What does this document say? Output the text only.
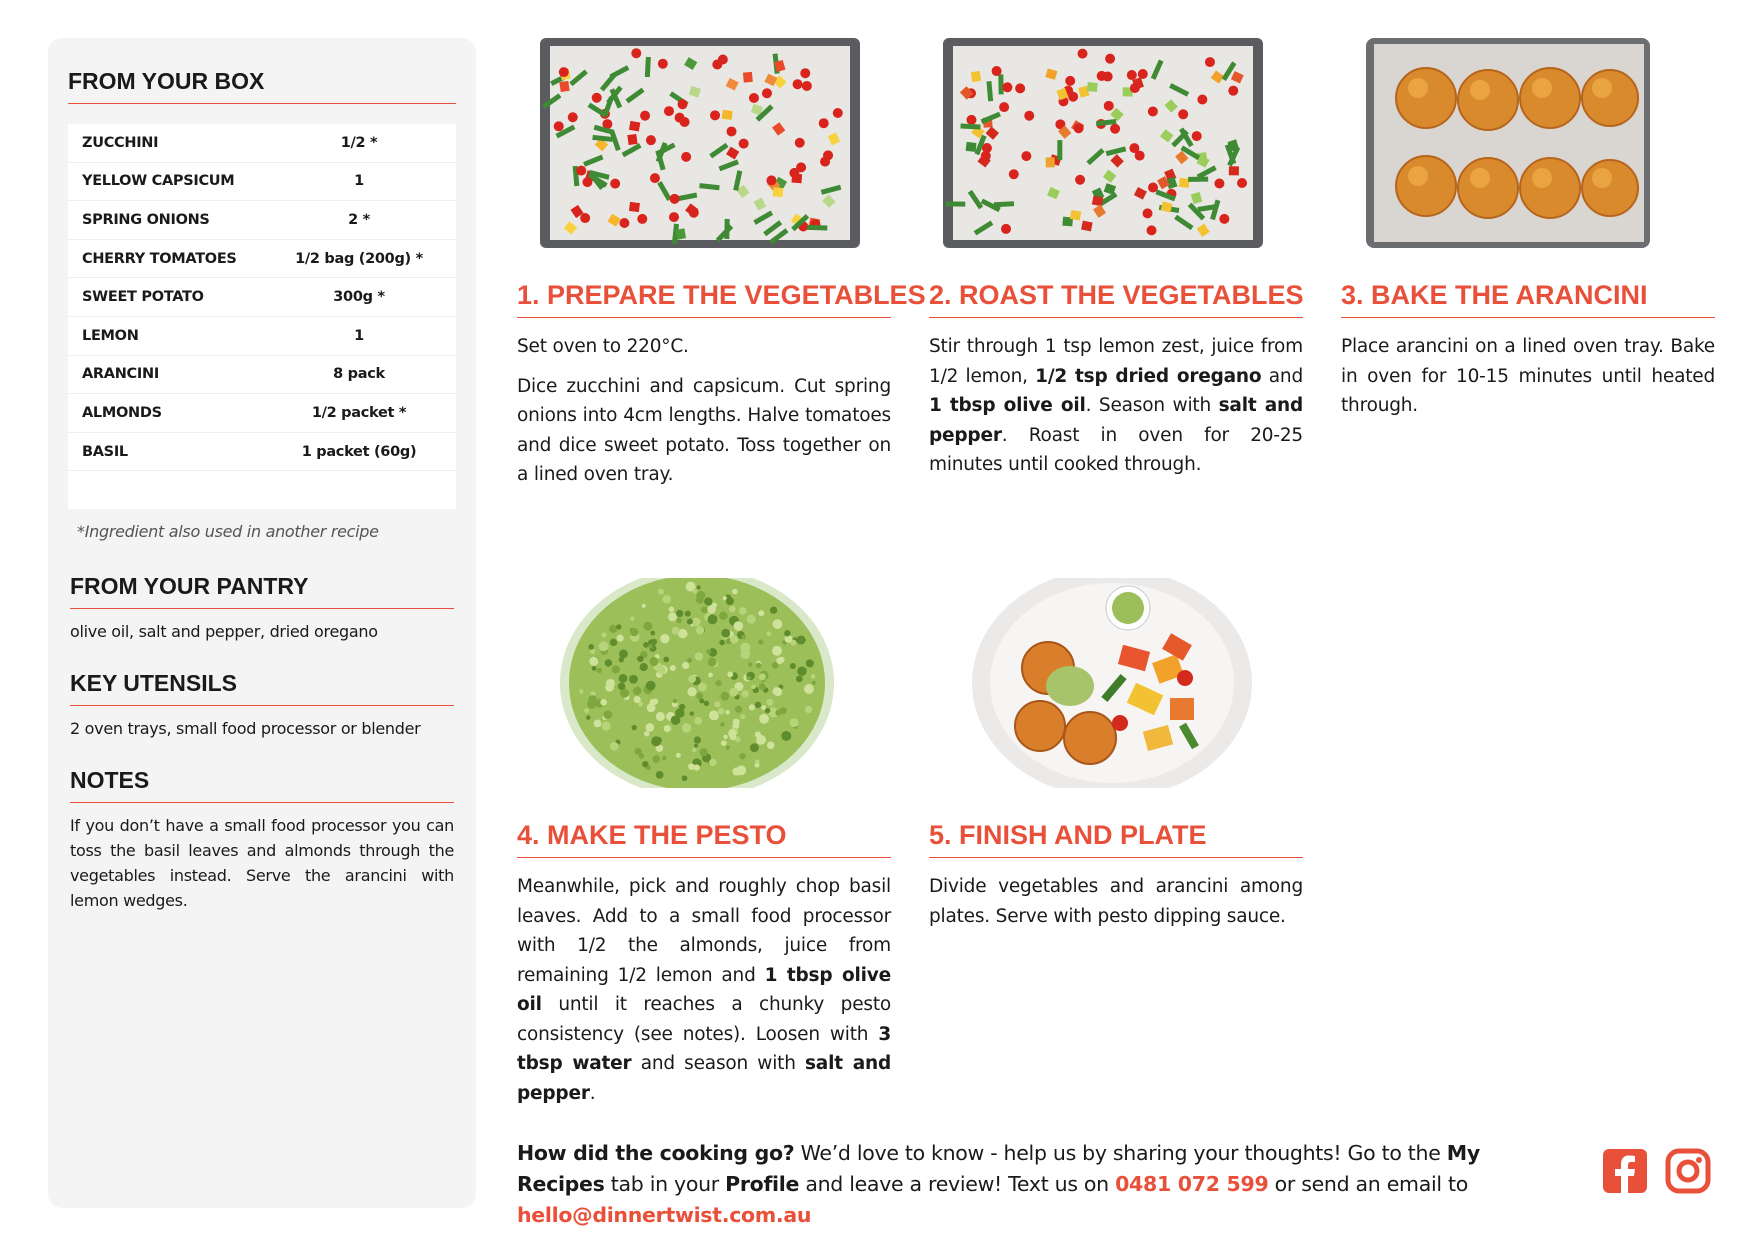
FROM YOUR BOX
ZUCCHINI	1/2 *
YELLOW CAPSICUM	1
SPRING ONIONS	2 *
CHERRY TOMATOES	1/2 bag (200g) *
SWEET POTATO	300g *
LEMON	1
ARANCINI	8 pack
ALMONDS	1/2 packet *
BASIL	1 packet (60g)
*Ingredient also used in another recipe
FROM YOUR PANTRY
olive oil, salt and pepper, dried oregano
KEY UTENSILS
2 oven trays, small food processor or blender
NOTES
If you don’t have a small food processor you can toss the basil leaves and almonds through the vegetables instead. Serve the arancini with lemon wedges.
1. PREPARE THE VEGETABLES

Set oven to 220°C.

Dice zucchini and capsicum. Cut spring onions into 4cm lengths. Halve tomatoes and dice sweet potato. Toss together on a lined oven tray.

2. ROAST THE VEGETABLES
Stir through 1 tsp lemon zest, juice from 1/2 lemon, 1/2 tsp dried oregano and 1 tbsp olive oil. Season with salt and pepper. Roast in oven for 20-25 minutes until cooked through.
3. BAKE THE ARANCINI
Place arancini on a lined oven tray. Bake in oven for 10-15 minutes until heated through.
4. MAKE THE PESTO
Meanwhile, pick and roughly chop basil leaves. Add to a small food processor with 1/2 the almonds, juice from remaining 1/2 lemon and 1 tbsp olive oil until it reaches a chunky pesto consistency (see notes). Loosen with 3 tbsp water and season with salt and pepper.
5. FINISH AND PLATE
Divide vegetables and arancini among plates. Serve with pesto dipping sauce.
How did the cooking go? We’d love to know - help us by sharing your thoughts! Go to the My Recipes tab in your Profile and leave a review! Text us on 0481 072 599 or send an email to hello@dinnertwist.com.au
